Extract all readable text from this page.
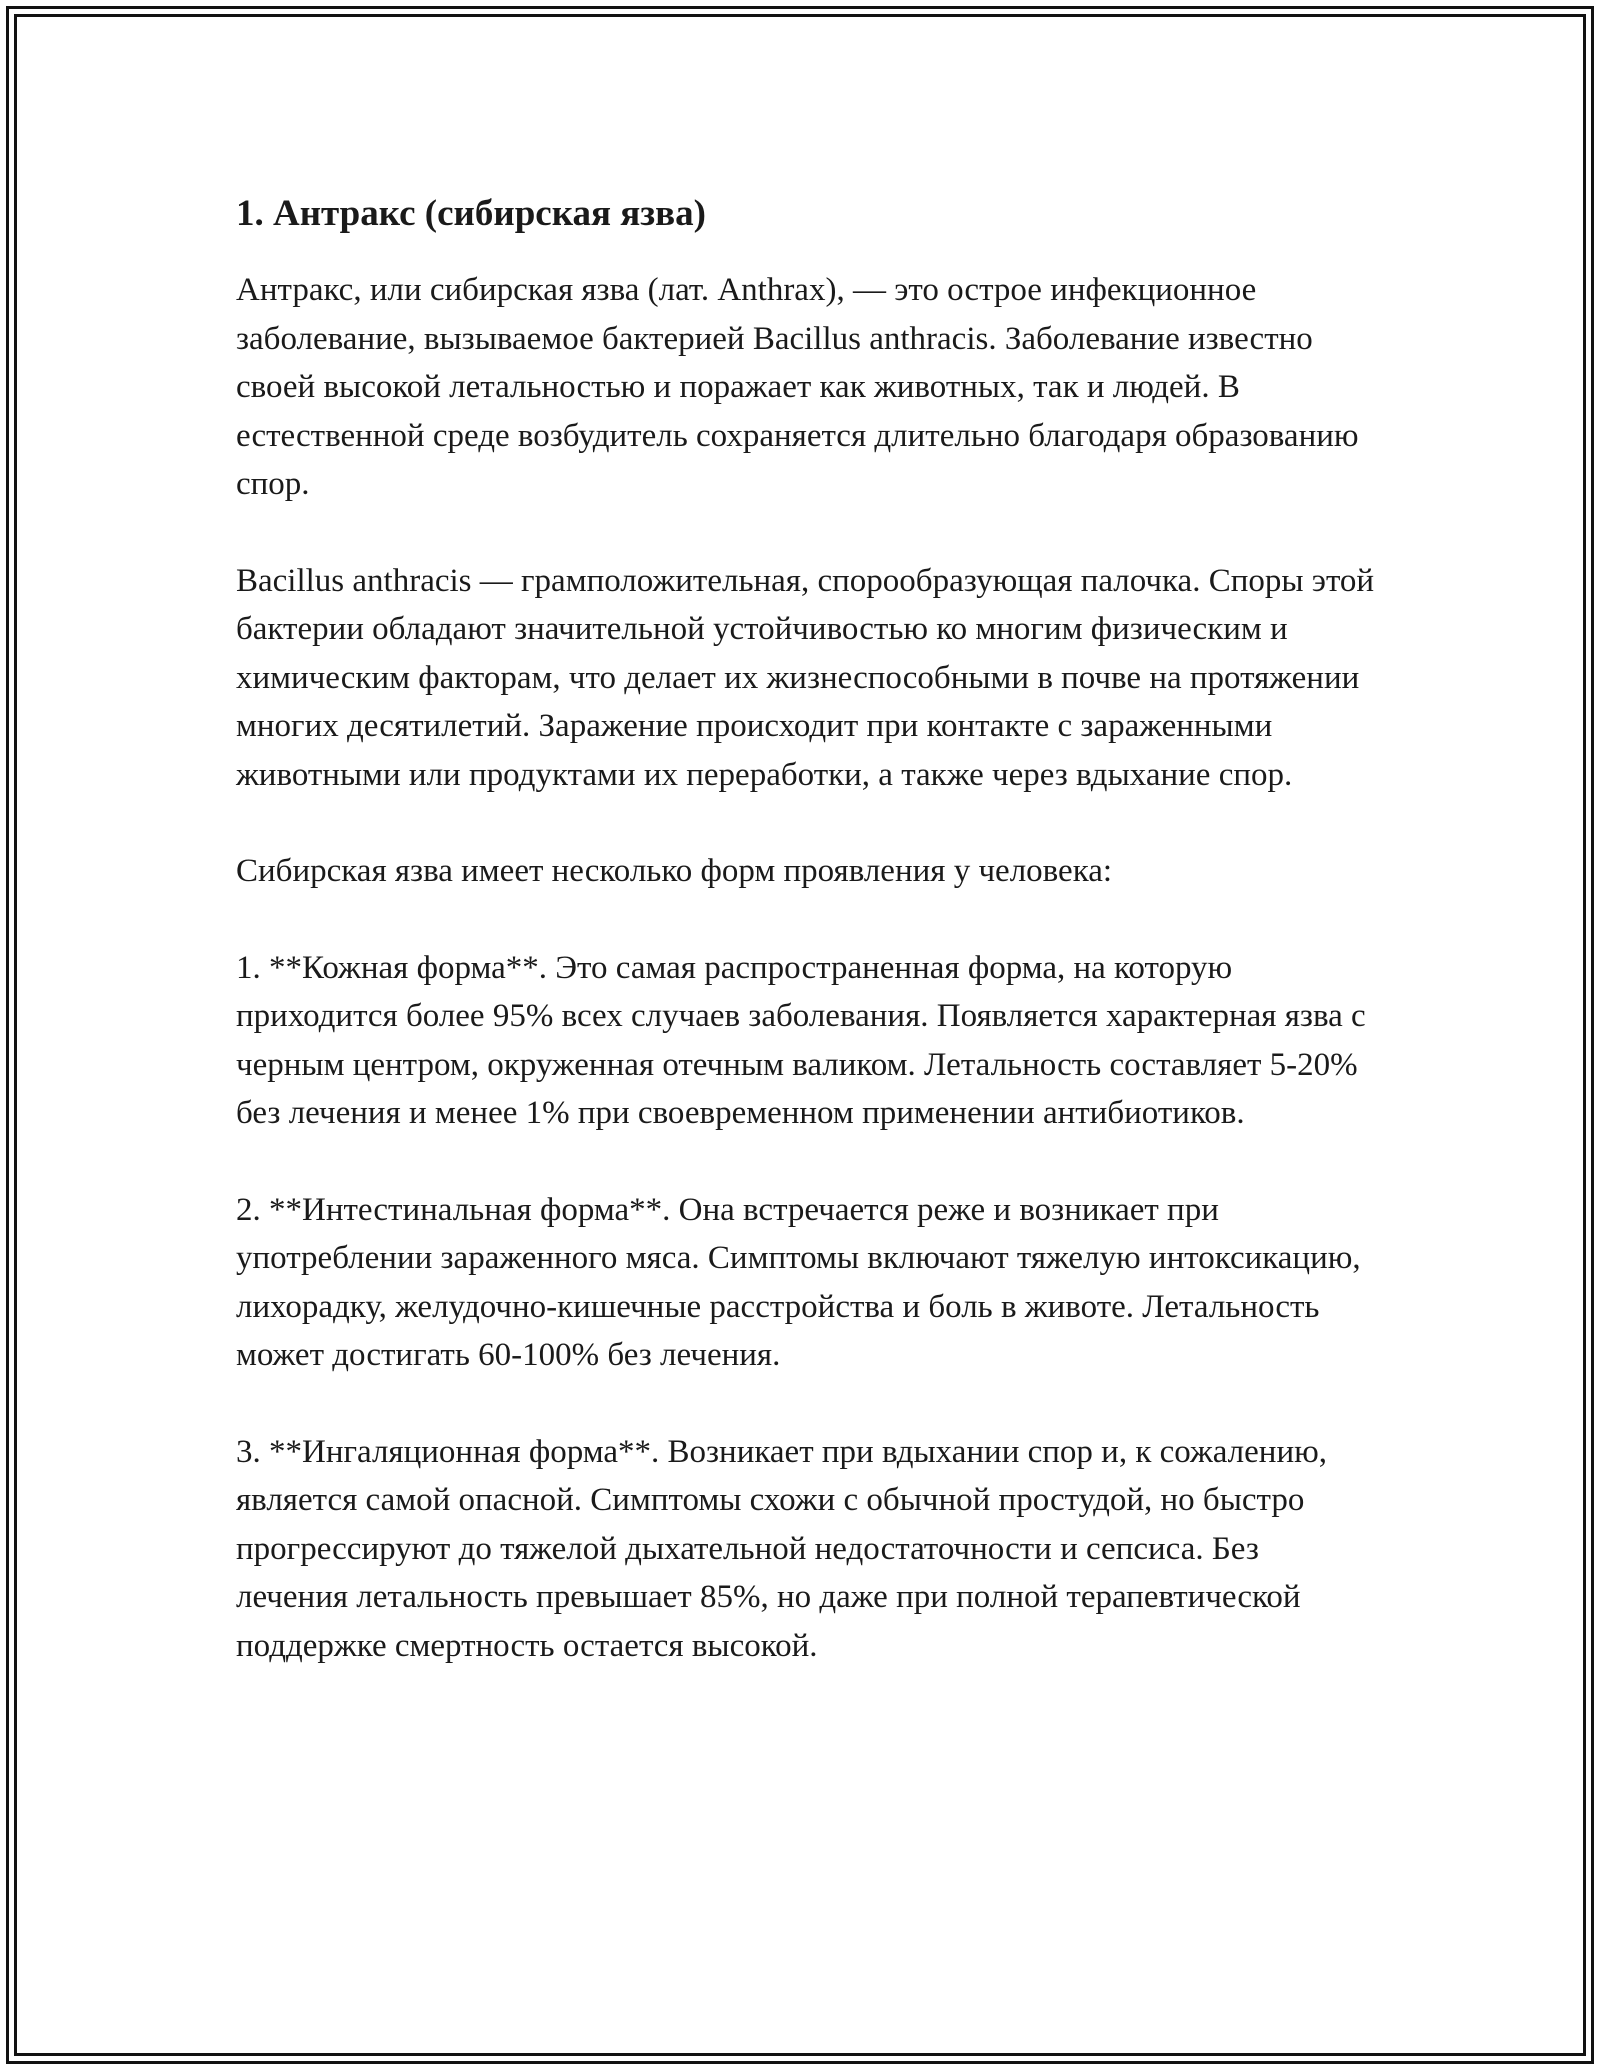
1. Антракс (сибирская язва)

Антракс, или сибирская язва (лат. Anthrax), — это острое инфекционное заболевание, вызываемое бактерией Bacillus anthracis. Заболевание известно своей высокой летальностью и поражает как животных, так и людей. В естественной среде возбудитель сохраняется длительно благодаря образованию спор.

Bacillus anthracis — грамположительная, спорообразующая палочка. Споры этой бактерии обладают значительной устойчивостью ко многим физическим и химическим факторам, что делает их жизнеспособными в почве на протяжении многих десятилетий. Заражение происходит при контакте с зараженными животными или продуктами их переработки, а также через вдыхание спор.

Сибирская язва имеет несколько форм проявления у человека:

1. **Кожная форма**. Это самая распространенная форма, на которую приходится более 95% всех случаев заболевания. Появляется характерная язва с черным центром, окруженная отечным валиком. Летальность составляет 5-20% без лечения и менее 1% при своевременном применении антибиотиков.

2. **Интестинальная форма**. Она встречается реже и возникает при употреблении зараженного мяса. Симптомы включают тяжелую интоксикацию, лихорадку, желудочно-кишечные расстройства и боль в животе. Летальность может достигать 60-100% без лечения.

3. **Ингаляционная форма**. Возникает при вдыхании спор и, к сожалению, является самой опасной. Симптомы схожи с обычной простудой, но быстро прогрессируют до тяжелой дыхательной недостаточности и сепсиса. Без лечения летальность превышает 85%, но даже при полной терапевтической поддержке смертность остается высокой.
